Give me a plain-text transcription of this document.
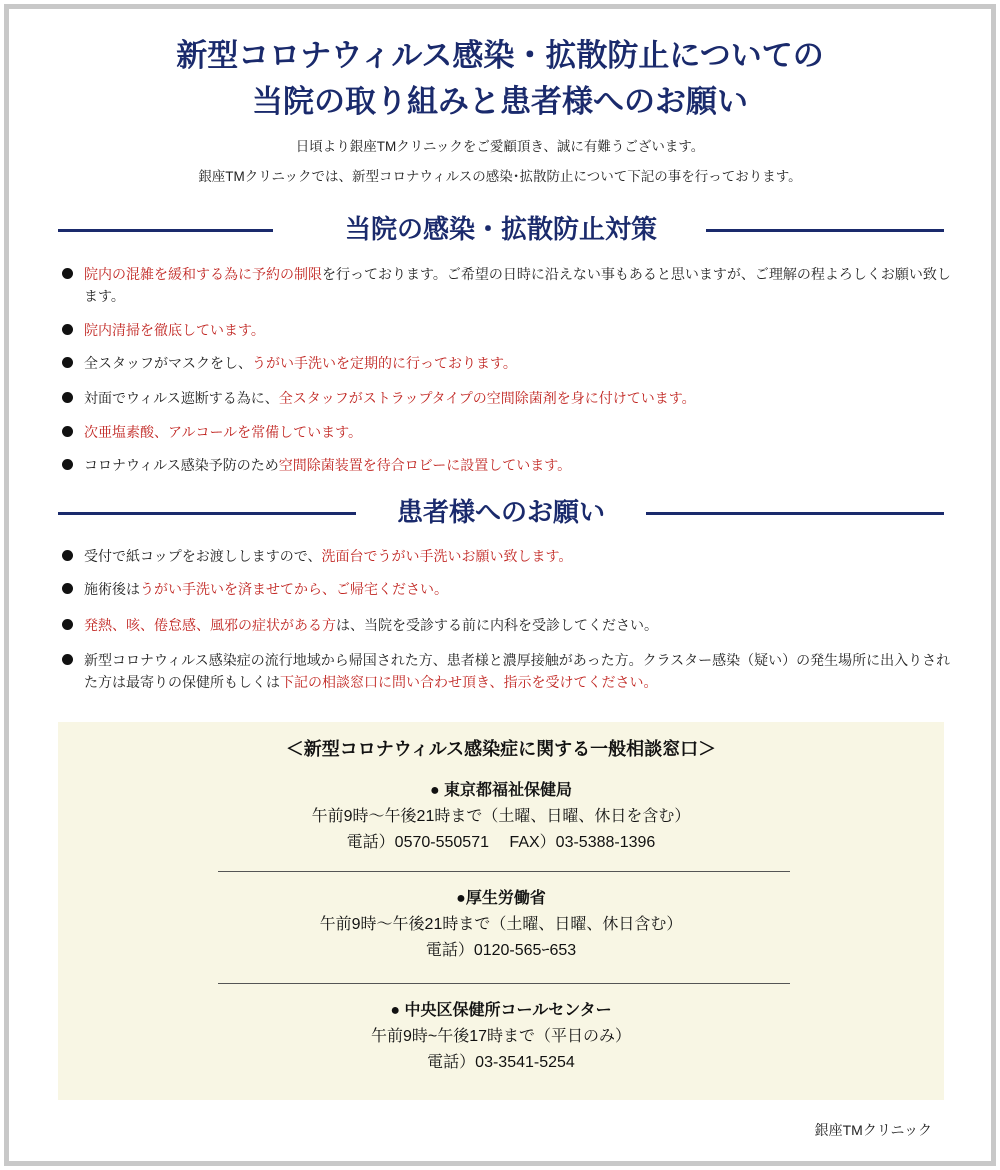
新型コロナウィルス感染・拡散防止についての
当院の取り組みと患者様へのお願い

日頃より銀座TMクリニックをご愛顧頂き、誠に有難うございます。

銀座TMクリニックでは、新型コロナウィルスの感染･拡散防止について下記の事を行っております。

当院の感染・拡散防止対策
院内の混雑を緩和する為に予約の制限を行っております。ご希望の日時に沿えない事もあると思いますが、ご理解の程よろしくお願い致します。
院内清掃を徹底しています。
全スタッフがマスクをし、うがい手洗いを定期的に行っております。
対面でウィルス遮断する為に、全スタッフがストラップタイプの空間除菌剤を身に付けています。
次亜塩素酸、アルコールを常備しています。
コロナウィルス感染予防のため空間除菌装置を待合ロビーに設置しています。
患者様へのお願い
受付で紙コップをお渡ししますので、洗面台でうがい手洗いお願い致します。
施術後はうがい手洗いを済ませてから、ご帰宅ください。
発熱、咳、倦怠感、風邪の症状がある方は、当院を受診する前に内科を受診してください。
新型コロナウィルス感染症の流行地域から帰国された方、患者様と濃厚接触があった方。クラスター感染（疑い）の発生場所に出入りされた方は最寄りの保健所もしくは下記の相談窓口に問い合わせ頂き、指示を受けてください。
＜新型コロナウィルス感染症に関する一般相談窓口＞
● 東京都福祉保健局
午前9時～午後21時まで（土曜、日曜、休日を含む）
電話）0570-550571　 FAX）03-5388-1396
●厚生労働省
午前9時～午後21時まで（土曜、日曜、休日含む）
電話）0120-565ｰ653
● 中央区保健所コールセンター
午前9時~午後17時まで（平日のみ）
電話）03-3541-5254
銀座TMクリニック
